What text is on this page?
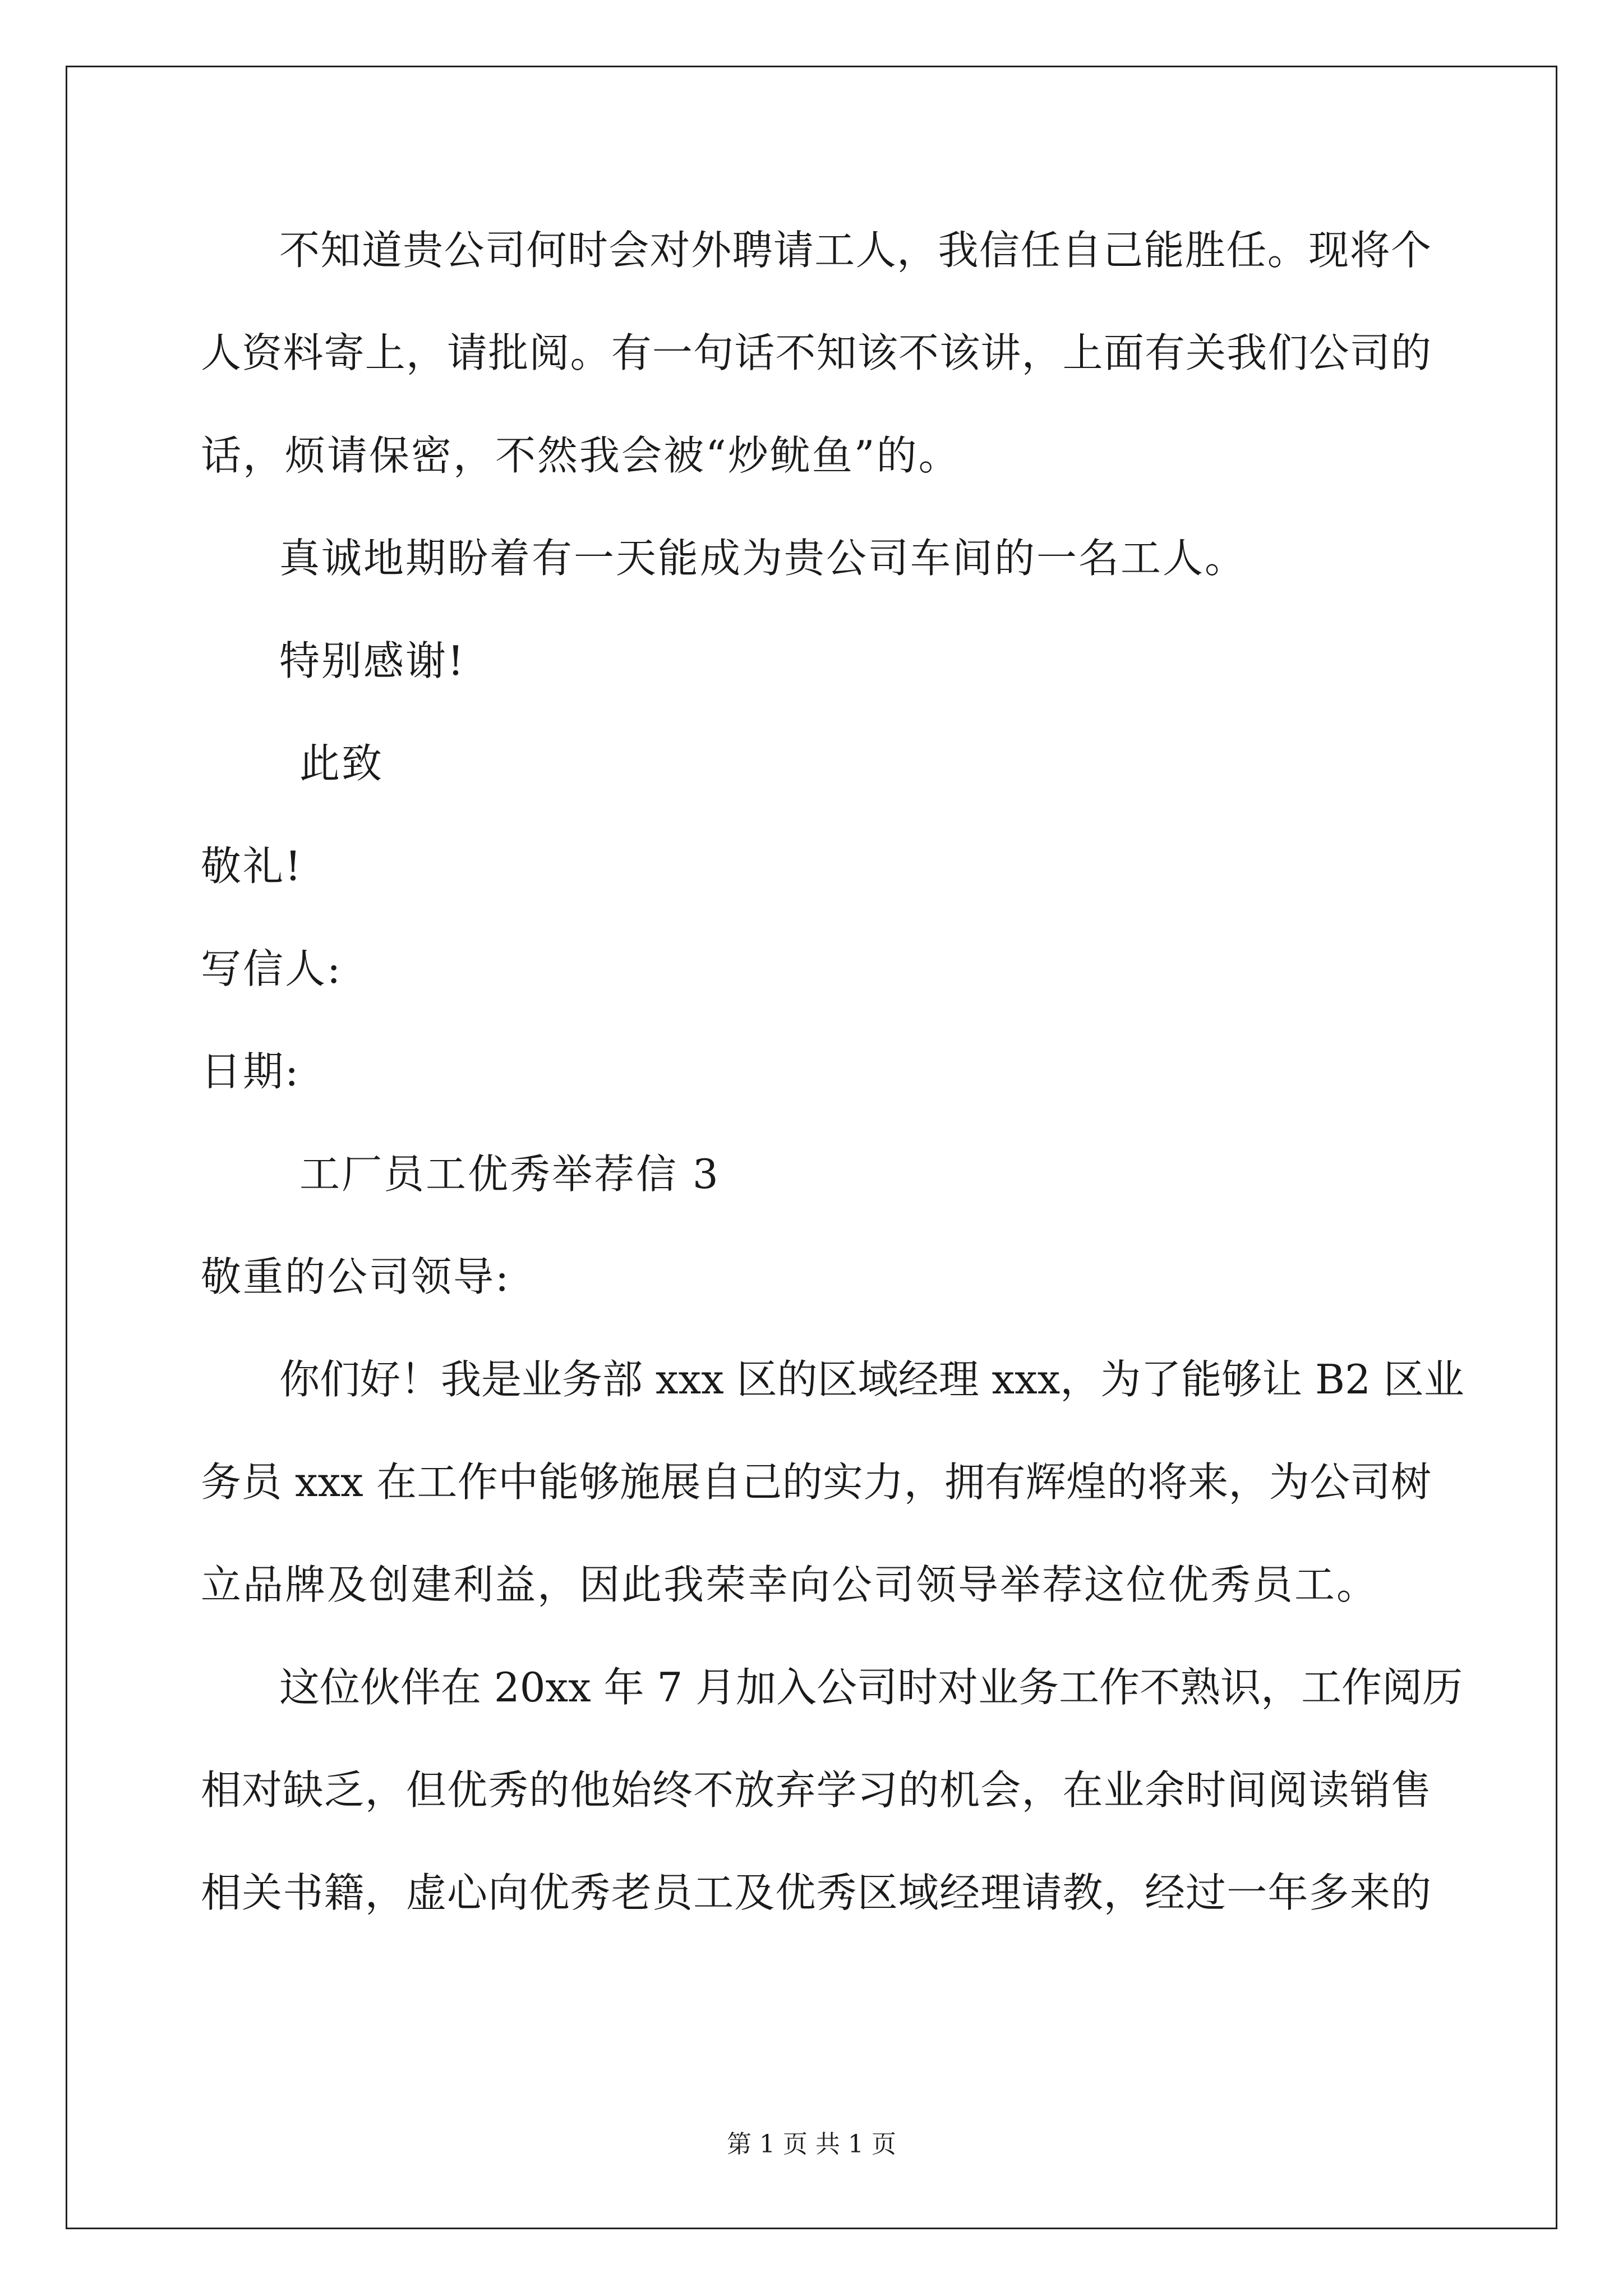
不知道贵公司何时会对外聘请工人，我信任自己能胜任。现将个
人资料寄上，请批阅。有一句话不知该不该讲，上面有关我们公司的
话，烦请保密，不然我会被“炒鱿鱼”的。
真诚地期盼着有一天能成为贵公司车间的一名工人。
特别感谢!
此致
敬礼!
写信人:
日期:
工厂员工优秀举荐信 3
敬重的公司领导:
你们好！我是业务部 xxx 区的区域经理 xxx，为了能够让 B2 区业
务员 xxx 在工作中能够施展自己的实力，拥有辉煌的将来，为公司树
立品牌及创建利益，因此我荣幸向公司领导举荐这位优秀员工。
这位伙伴在 20xx 年 7 月加入公司时对业务工作不熟识，工作阅历
相对缺乏，但优秀的他始终不放弃学习的机会，在业余时间阅读销售
相关书籍，虚心向优秀老员工及优秀区域经理请教，经过一年多来的
第 1 页 共 1 页
